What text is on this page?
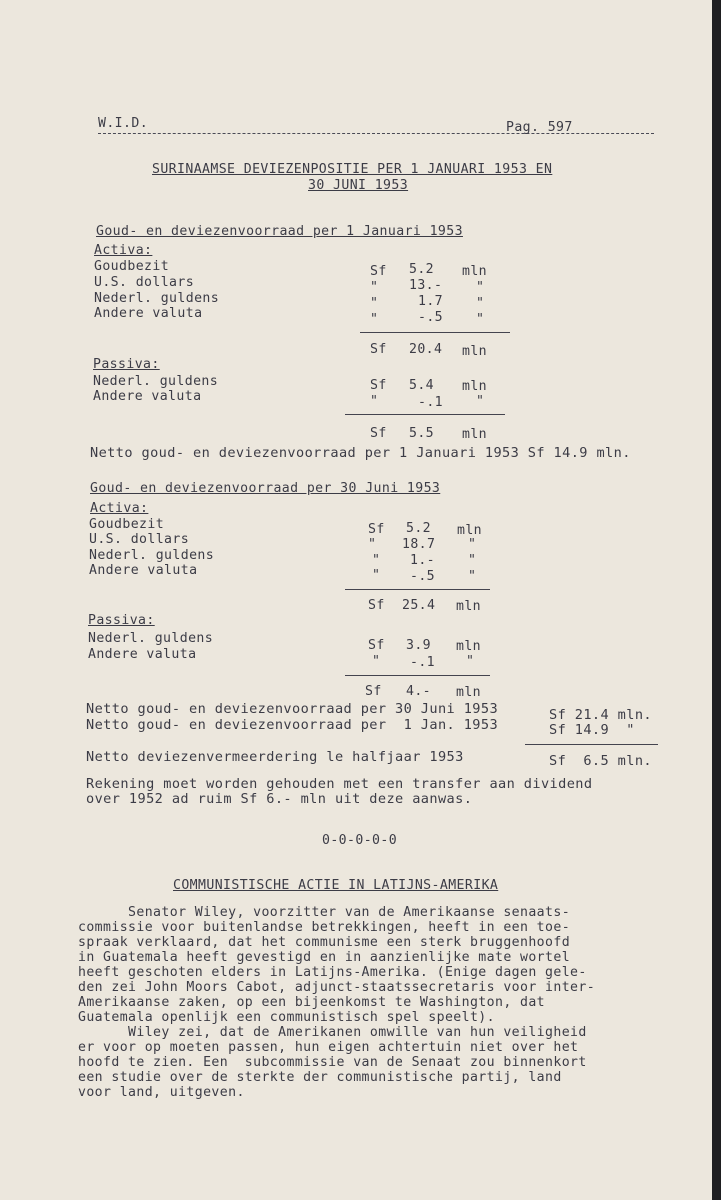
W.I.D.	Pag. 597
SURINAAMSE DEVIEZENPOSITIE PER 1 JANUARI 1953 EN
30 JUNI 1953
Goud- en deviezenvoorraad per 1 Januari 1953
Activa:
Goudbezit	Sf 5.2 mln
U.S. dollars	" 13.-	"
Nederl. guldens	"	1.7 "
Andere valuta	"	-.5 "
Sf 20.4 mln
Passiva:
Nederl. guldens	Sf 5.4 mln
Andere valuta	"	-.1 "
Sf 5.5 mln
Netto goud- en deviezenvoorraad per 1 Januari 1953 Sf 14.9 mln.
Goud- en deviezenvoorraad per 30 Juni 1953
Activa:
Goudbezit	Sf 5.2 mln
U.S. dollars	" 18.7 "
Nederl. guldens	" 1.- "
Andere valuta	" -.5 "
Sf 25.4 mln
Passiva:
Nederl. guldens	Sf 3.9 mln
Andere valuta	" -.1 "
Sf 4.- mln
Netto goud- en deviezenvoorraad per 30 Juni 1953	Sf 21.4 mln.
Netto goud- en deviezenvoorraad per  1 Jan. 1953	Sf 14.9  "
Netto deviezenvermeerdering le halfjaar 1953	Sf  6.5 mln.
Rekening moet worden gehouden met een transfer aan dividend
over 1952 ad ruim Sf 6.- mln uit deze aanwas.
0-0-0-0-0
COMMUNISTISCHE ACTIE IN LATIJNS-AMERIKA
Senator Wiley, voorzitter van de Amerikaanse senaats-
commissie voor buitenlandse betrekkingen, heeft in een toe-
spraak verklaard, dat het communisme een sterk bruggenhoofd
in Guatemala heeft gevestigd en in aanzienlijke mate wortel
heeft geschoten elders in Latijns-Amerika. (Enige dagen gele-
den zei John Moors Cabot, adjunct-staatssecretaris voor inter-
Amerikaanse zaken, op een bijeenkomst te Washington, dat
Guatemala openlijk een communistisch spel speelt).
Wiley zei, dat de Amerikanen omwille van hun veiligheid
er voor op moeten passen, hun eigen achtertuin niet over het
hoofd te zien. Een  subcommissie van de Senaat zou binnenkort
een studie over de sterkte der communistische partij, land
voor land, uitgeven.
